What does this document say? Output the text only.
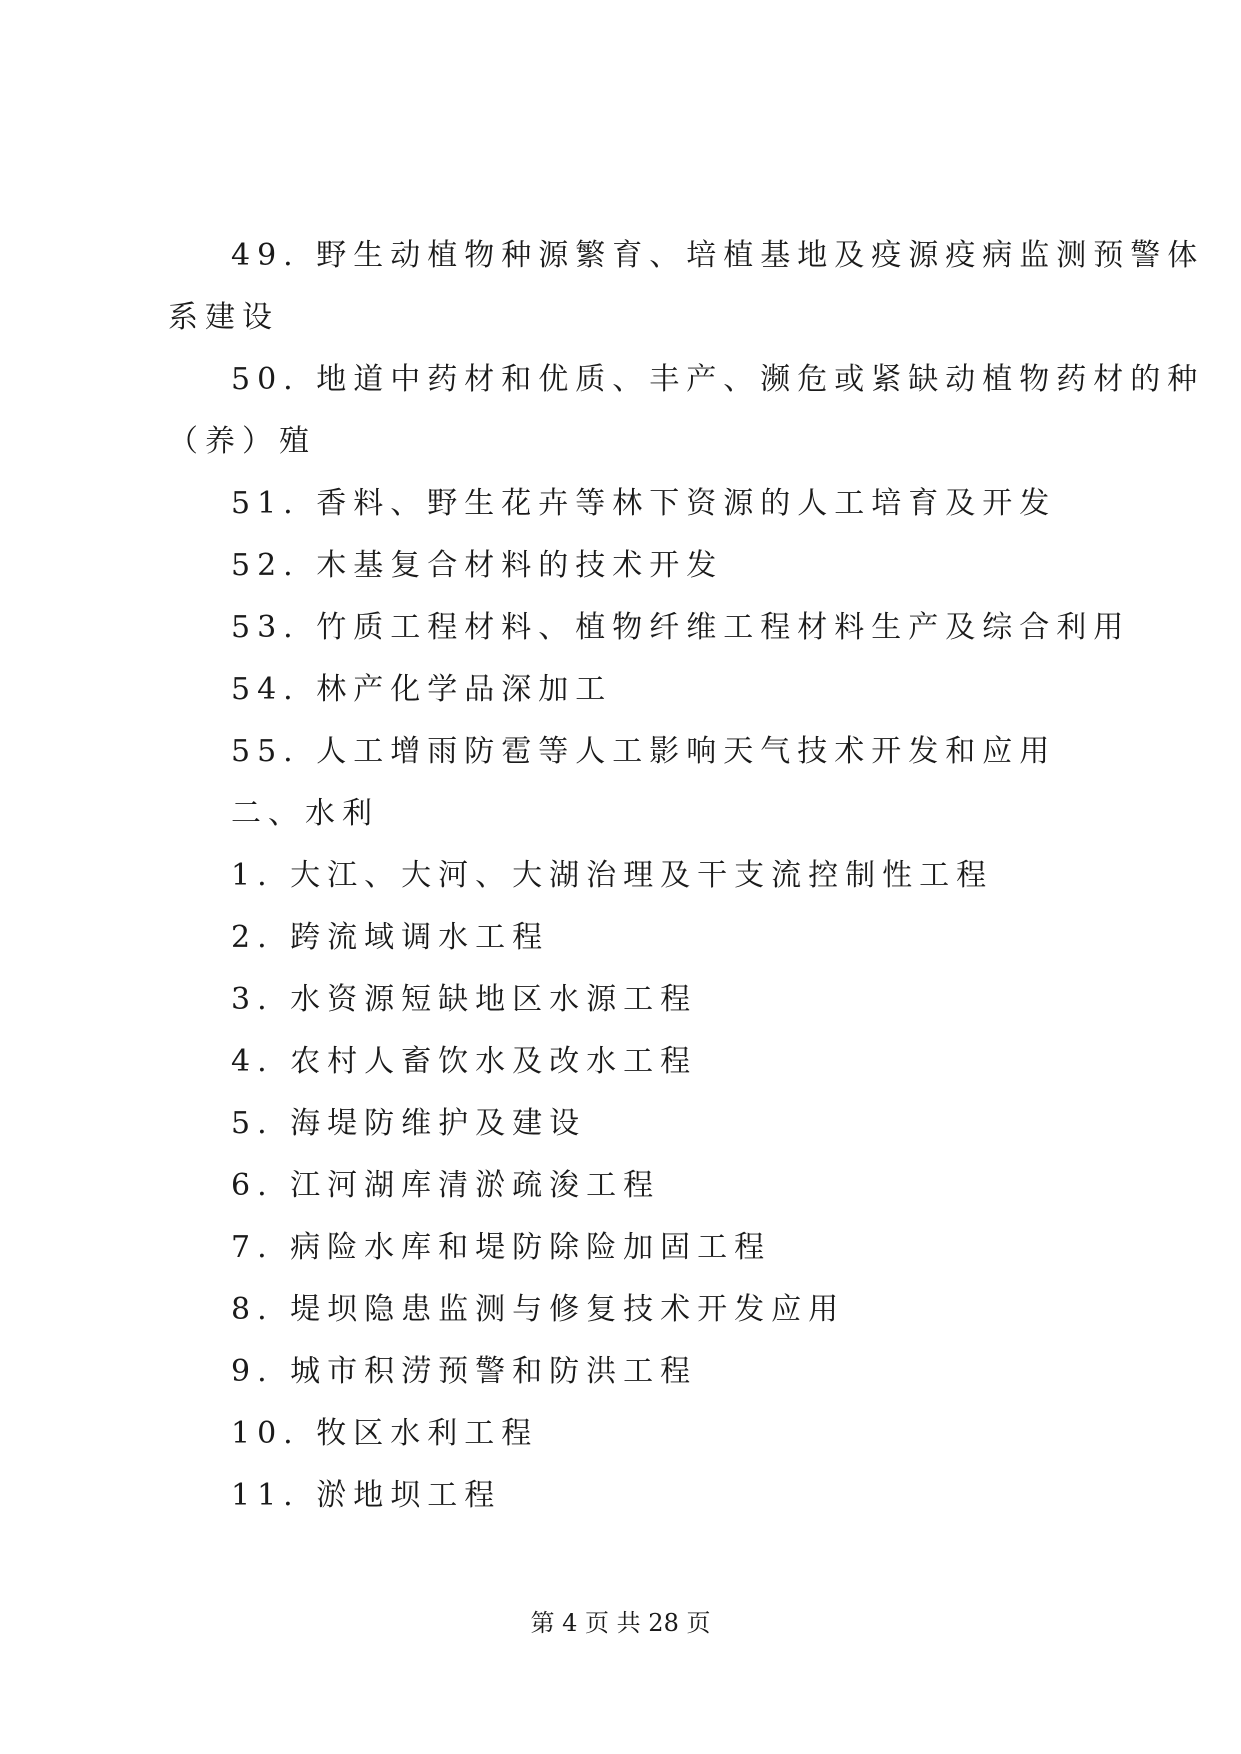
49. 野生动植物种源繁育、培植基地及疫源疫病监测预警体
系建设
50. 地道中药材和优质、丰产、濒危或紧缺动植物药材的种
（养）殖
51. 香料、野生花卉等林下资源的人工培育及开发
52. 木基复合材料的技术开发
53. 竹质工程材料、植物纤维工程材料生产及综合利用
54. 林产化学品深加工
55. 人工增雨防雹等人工影响天气技术开发和应用
二、水利
1. 大江、大河、大湖治理及干支流控制性工程
2. 跨流域调水工程
3. 水资源短缺地区水源工程
4. 农村人畜饮水及改水工程
5. 海堤防维护及建设
6. 江河湖库清淤疏浚工程
7. 病险水库和堤防除险加固工程
8. 堤坝隐患监测与修复技术开发应用
9. 城市积涝预警和防洪工程
10. 牧区水利工程
11. 淤地坝工程
第 4 页 共 28 页
